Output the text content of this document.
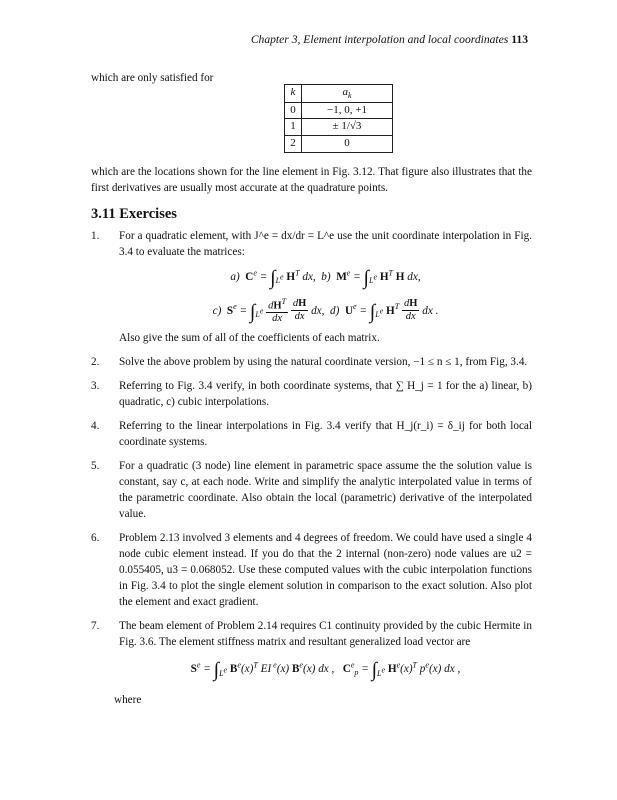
Chapter 3, Element interpolation and local coordinates 113
which are only satisfied for
k	$a_k$
0	−1, 0, +1
1	± 1/√3
2	0
which are the locations shown for the line element in Fig. 3.12. That figure also illustrates that the first derivatives are usually most accurate at the quadrature points.
3.11 Exercises
1. For a quadratic element, with J^e = dx/dr = L^e use the unit coordinate interpolation in Fig. 3.4 to evaluate the matrices:
a)  $C^e = \int_{L^e}$ $H^T$ dx,  b)  $M^e = \int_{L^e}$ $H^T$ H dx,
c)  $S^e = \int_{L^e} \frac{dH^T}{dx}$
$\frac{dH}{dx}$ dx,  d)  $U^e = \int_{L^e}$ $H^T \frac{dH}{dx}$ dx .
Also give the sum of all of the coefficients of each matrix.
2. Solve the above problem by using the natural coordinate version, −1 ≤ n ≤ 1, from Fig, 3.4.
3. Referring to Fig. 3.4 verify, in both coordinate systems, that ∑ H_j = 1 for the a) linear, b) quadratic, c) cubic interpolations.
4. Referring to the linear interpolations in Fig. 3.4 verify that H_j(r_i) = δ_ij for both local coordinate systems.
5. For a quadratic (3 node) line element in parametric space assume the the solution value is constant, say c, at each node. Write and simplify the analytic interpolated value in terms of the parametric coordinate. Also obtain the local (parametric) derivative of the interpolated value.
6. Problem 2.13 involved 3 elements and 4 degrees of freedom. We could have used a single 4 node cubic element instead. If you do that the 2 internal (non-zero) node values are u2 = 0.055405, u3 = 0.068052. Use these computed values with the cubic interpolation functions in Fig. 3.4 to plot the single element solution in comparison to the exact solution. Also plot the element and exact gradient.
7. The beam element of Problem 2.14 requires C1 continuity provided by the cubic Hermite in Fig. 3.6. The element stiffness matrix and resultant generalized load vector are
$S^e = \int_{L^e}$ $B^e(x)^T$ EI $^e$(x) $B^e(x)$ dx ,   $C^e_p = \int_{L^e}$ $H^e(x)^T$ $p^e(x)$ dx ,
where
